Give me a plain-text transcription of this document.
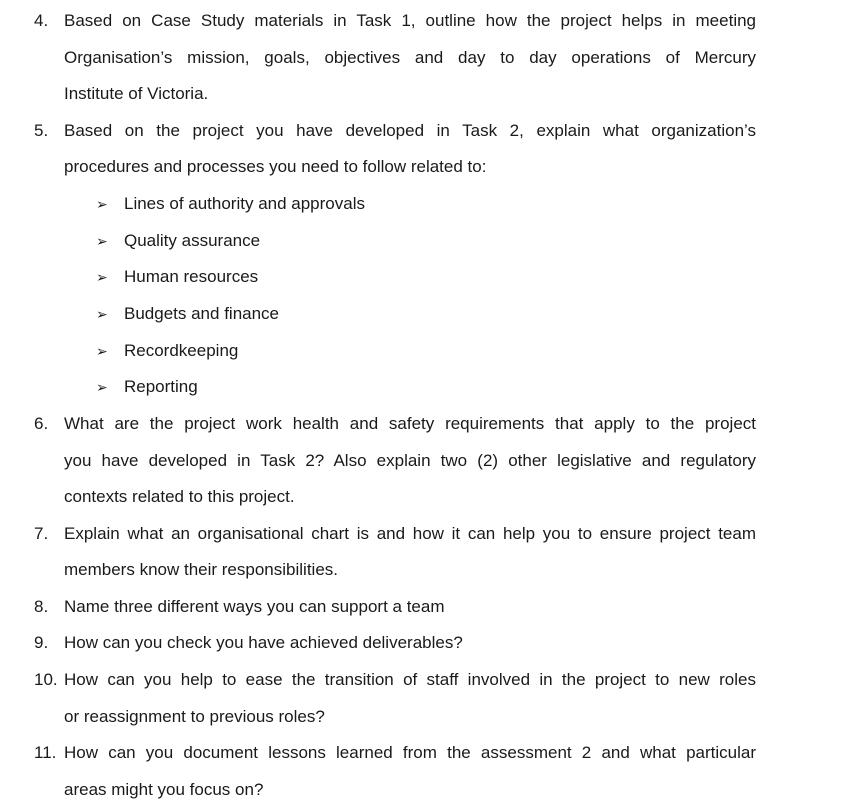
4. Based on Case Study materials in Task 1, outline how the project helps in meeting
Organisation’s mission, goals, objectives and day to day operations of Mercury
Institute of Victoria.
5. Based on the project you have developed in Task 2, explain what organization’s
procedures and processes you need to follow related to:
➢ Lines of authority and approvals
➢ Quality assurance
➢ Human resources
➢ Budgets and finance
➢ Recordkeeping
➢ Reporting
6. What are the project work health and safety requirements that apply to the project
you have developed in Task 2? Also explain two (2) other legislative and regulatory
contexts related to this project.
7. Explain what an organisational chart is and how it can help you to ensure project team
members know their responsibilities.
8. Name three different ways you can support a team
9. How can you check you have achieved deliverables?
10. How can you help to ease the transition of staff involved in the project to new roles
or reassignment to previous roles?
11. How can you document lessons learned from the assessment 2 and what particular
areas might you focus on?
